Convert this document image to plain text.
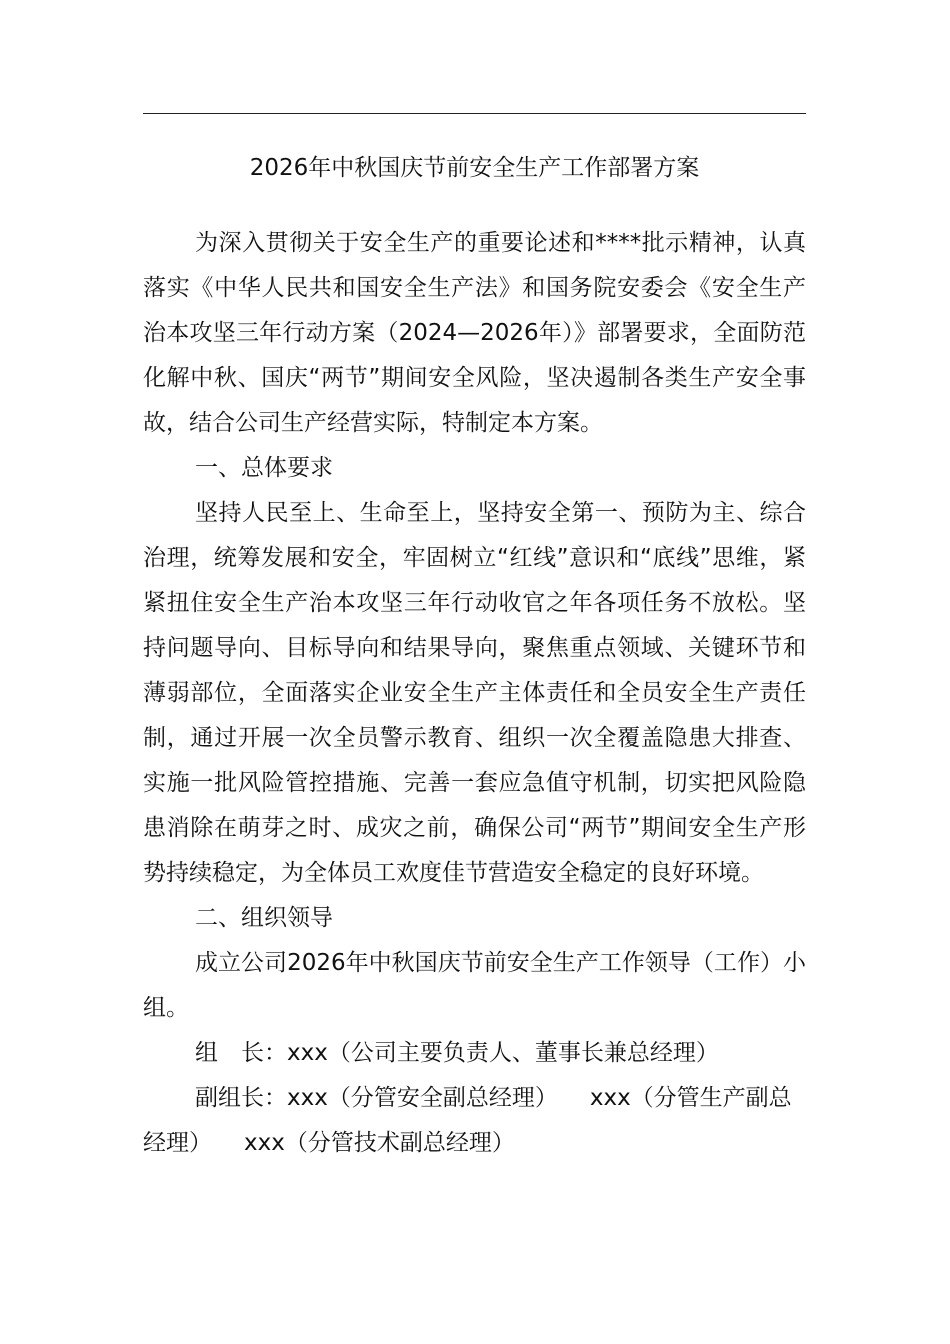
2026年中秋国庆节前安全生产工作部署方案

为深入贯彻关于安全生产的重要论述和****批示精神，认真落实《中华人民共和国安全生产法》和国务院安委会《安全生产治本攻坚三年行动方案（2024—2026年）》部署要求，全面防范化解中秋、国庆“两节”期间安全风险，坚决遏制各类生产安全事故，结合公司生产经营实际，特制定本方案。

一、总体要求

坚持人民至上、生命至上，坚持安全第一、预防为主、综合治理，统筹发展和安全，牢固树立“红线”意识和“底线”思维，紧紧扭住安全生产治本攻坚三年行动收官之年各项任务不放松。坚持问题导向、目标导向和结果导向，聚焦重点领域、关键环节和薄弱部位，全面落实企业安全生产主体责任和全员安全生产责任制，通过开展一次全员警示教育、组织一次全覆盖隐患大排查、实施一批风险管控措施、完善一套应急值守机制，切实把风险隐患消除在萌芽之时、成灾之前，确保公司“两节”期间安全生产形势持续稳定，为全体员工欢度佳节营造安全稳定的良好环境。

二、组织领导

成立公司2026年中秋国庆节前安全生产工作领导（工作）小组。

组　长：xxx（公司主要负责人、董事长兼总经理）

副组长：xxx（分管安全副总经理） xxx（分管生产副总

经理） xxx（分管技术副总经理）
